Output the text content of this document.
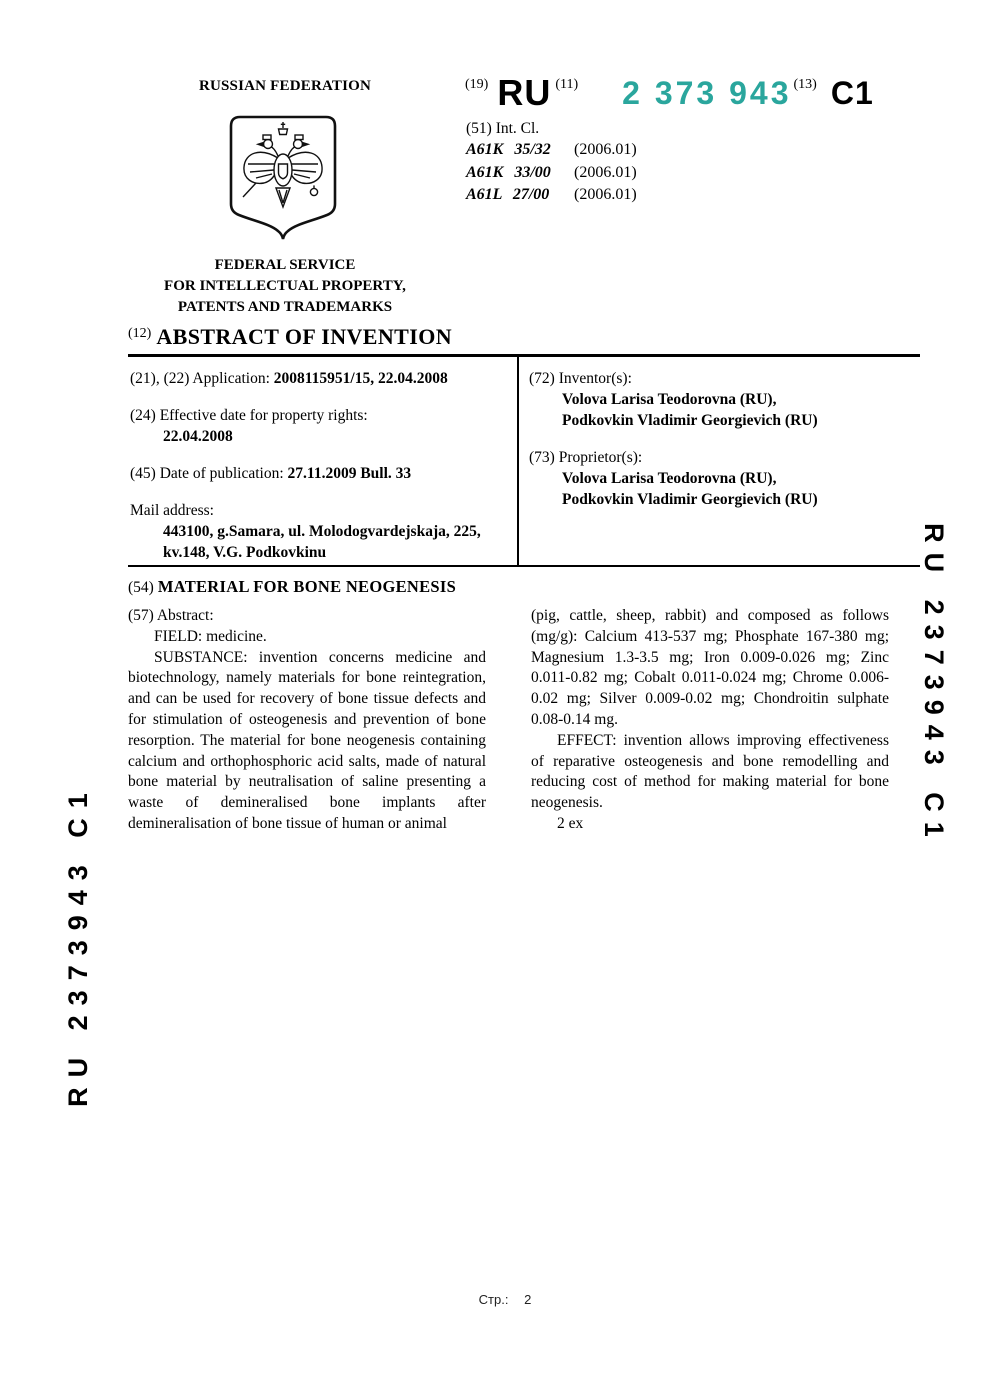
RUSSIAN FEDERATION
FEDERAL SERVICE
FOR INTELLECTUAL PROPERTY,
PATENTS AND TRADEMARKS
(19) RU (11) 2 373 943 (13) C1
(51) Int. Cl.
A61K 35/32	(2006.01)
A61K 33/00	(2006.01)
A61L 27/00	(2006.01)
(12) ABSTRACT OF INVENTION
(21), (22) Application: 2008115951/15, 22.04.2008
(24) Effective date for property rights:
22.04.2008
(45) Date of publication: 27.11.2009 Bull. 33
Mail address:
443100, g.Samara, ul. Molodogvardejskaja, 225,
kv.148, V.G. Podkovkinu
(72) Inventor(s):
Volova Larisa Teodorovna (RU),
Podkovkin Vladimir Georgievich (RU)
(73) Proprietor(s):
Volova Larisa Teodorovna (RU),
Podkovkin Vladimir Georgievich (RU)
(54) MATERIAL FOR BONE NEOGENESIS

(57) Abstract:

FIELD: medicine.

SUBSTANCE: invention concerns medicine and biotechnology, namely materials for bone reintegration, and can be used for recovery of bone tissue defects and for stimulation of osteogenesis and prevention of bone resorption. The material for bone neogenesis containing calcium and orthophosphoric acid salts, made of natural bone material by neutralisation of saline presenting a waste of demineralised bone implants after demineralisation of bone tissue of human or animal

(pig, cattle, sheep, rabbit) and composed as follows (mg/g): Calcium 413-537 mg; Phosphate 167-380 mg; Magnesium 1.3-3.5 mg; Iron 0.009-0.026 mg; Zinc 0.011-0.82 mg; Cobalt 0.011-0.024 mg; Chrome 0.006-0.02 mg; Silver 0.009-0.02 mg; Chondroitin sulphate 0.08-0.14 mg.

EFFECT: invention allows improving effectiveness of reparative osteogenesis and bone remodelling and reducing cost of method for making material for bone neogenesis.

2 ex

RU 2373943 C1
RU 2373943 C1
Стр.: 2
